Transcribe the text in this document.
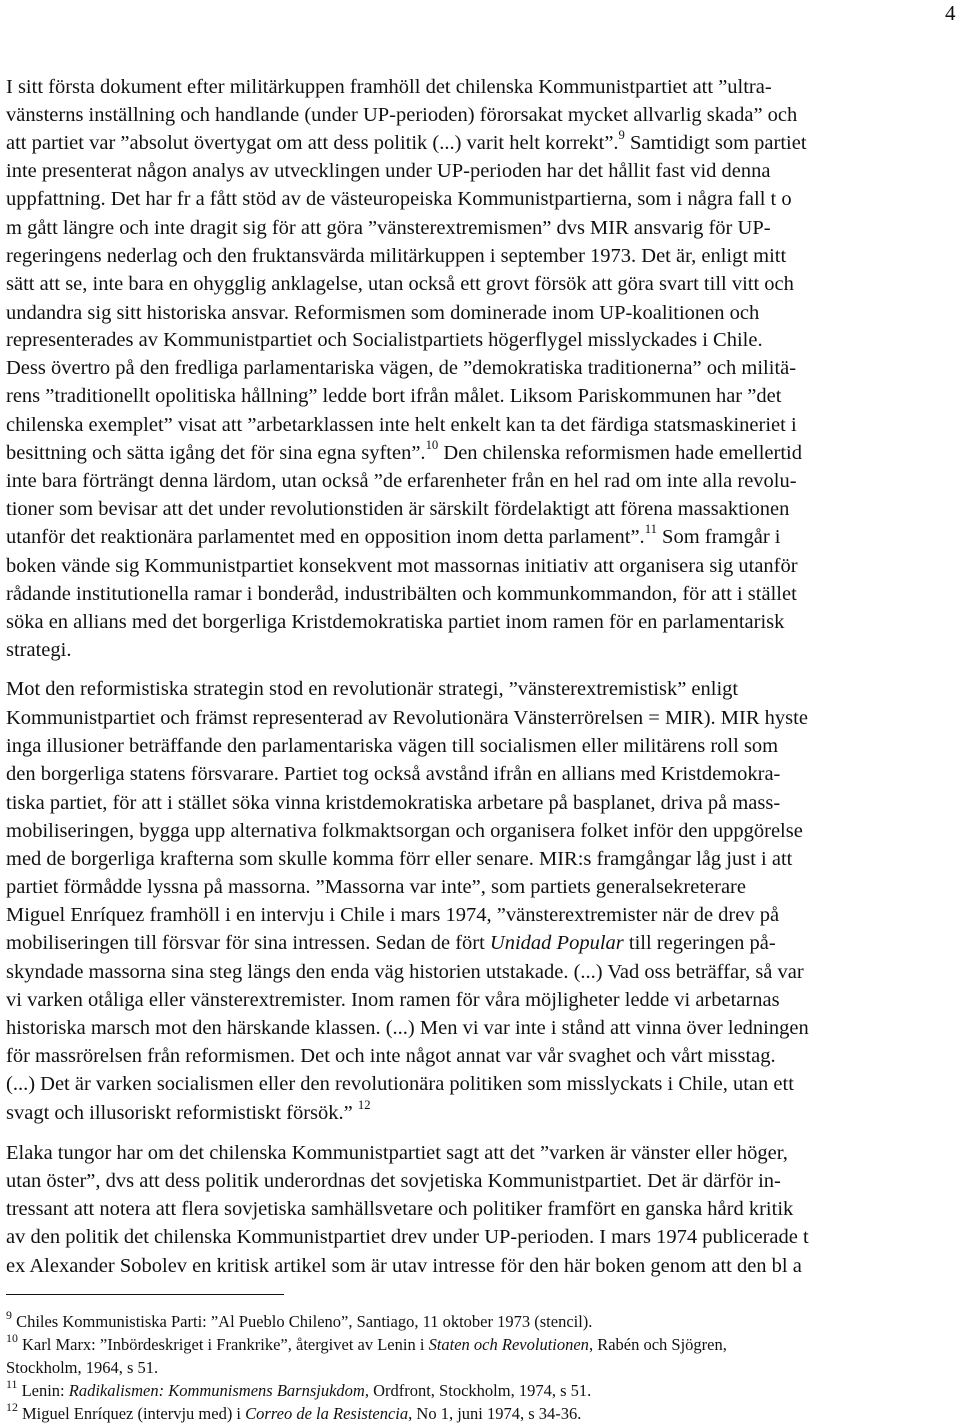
4
I sitt första dokument efter militärkuppen framhöll det chilenska Kommunistpartiet att ”ultra-
vänsterns inställning och handlande (under UP-perioden) förorsakat mycket allvarlig skada” och
att partiet var ”absolut övertygat om att dess politik (...) varit helt korrekt”.$^9$ Samtidigt som partiet
inte presenterat någon analys av utvecklingen under UP-perioden har det hållit fast vid denna
uppfattning. Det har fr a fått stöd av de västeuropeiska Kommunistpartierna, som i några fall t o
m gått längre och inte dragit sig för att göra ”vänsterextremismen” dvs MIR ansvarig för UP-
regeringens nederlag och den fruktansvärda militärkuppen i september 1973. Det är, enligt mitt
sätt att se, inte bara en ohygglig anklagelse, utan också ett grovt försök att göra svart till vitt och
undandra sig sitt historiska ansvar. Reformismen som dominerade inom UP-koalitionen och
representerades av Kommunistpartiet och Socialistpartiets högerflygel misslyckades i Chile.
Dess övertro på den fredliga parlamentariska vägen, de ”demokratiska traditionerna” och militä-
rens ”traditionellt opolitiska hållning” ledde bort ifrån målet. Liksom Pariskommunen har ”det
chilenska exemplet” visat att ”arbetarklassen inte helt enkelt kan ta det färdiga statsmaskineriet i
besittning och sätta igång det för sina egna syften”.$^{10}$ Den chilenska reformismen hade emellertid
inte bara förträngt denna lärdom, utan också ”de erfarenheter från en hel rad om inte alla revolu-
tioner som bevisar att det under revolutionstiden är särskilt fördelaktigt att förena massaktionen
utanför det reaktionära parlamentet med en opposition inom detta parlament”.$^{11}$ Som framgår i
boken vände sig Kommunistpartiet konsekvent mot massornas initiativ att organisera sig utanför
rådande institutionella ramar i bonderåd, industribälten och kommunkommandon, för att i stället
söka en allians med det borgerliga Kristdemokratiska partiet inom ramen för en parlamentarisk
strategi.
Mot den reformistiska strategin stod en revolutionär strategi, ”vänsterextremistisk” enligt
Kommunistpartiet och främst representerad av Revolutionära Vänsterrörelsen = MIR). MIR hyste
inga illusioner beträffande den parlamentariska vägen till socialismen eller militärens roll som
den borgerliga statens försvarare. Partiet tog också avstånd ifrån en allians med Kristdemokra-
tiska partiet, för att i stället söka vinna kristdemokratiska arbetare på basplanet, driva på mass-
mobiliseringen, bygga upp alternativa folkmaktsorgan och organisera folket inför den uppgörelse
med de borgerliga krafterna som skulle komma förr eller senare. MIR:s framgångar låg just i att
partiet förmådde lyssna på massorna. ”Massorna var inte”, som partiets generalsekreterare
Miguel Enríquez framhöll i en intervju i Chile i mars 1974, ”vänsterextremister när de drev på
mobiliseringen till försvar för sina intressen. Sedan de fört Unidad Popular till regeringen på-
skyndade massorna sina steg längs den enda väg historien utstakade. (...) Vad oss beträffar, så var
vi varken otåliga eller vänsterextremister. Inom ramen för våra möjligheter ledde vi arbetarnas
historiska marsch mot den härskande klassen. (...) Men vi var inte i stånd att vinna över ledningen
för massrörelsen från reformismen. Det och inte något annat var vår svaghet och vårt misstag.
(...) Det är varken socialismen eller den revolutionära politiken som misslyckats i Chile, utan ett
svagt och illusoriskt reformistiskt försök.” $^{12}$
Elaka tungor har om det chilenska Kommunistpartiet sagt att det ”varken är vänster eller höger,
utan öster”, dvs att dess politik underordnas det sovjetiska Kommunistpartiet. Det är därför in-
tressant att notera att flera sovjetiska samhällsvetare och politiker framfört en ganska hård kritik
av den politik det chilenska Kommunistpartiet drev under UP-perioden. I mars 1974 publicerade t
ex Alexander Sobolev en kritisk artikel som är utav intresse för den här boken genom att den bl a
$^9$ Chiles Kommunistiska Parti: ”Al Pueblo Chileno”, Santiago, 11 oktober 1973 (stencil).
$^{10}$ Karl Marx: ”Inbördeskriget i Frankrike”, återgivet av Lenin i Staten och Revolutionen, Rabén och Sjögren,
Stockholm, 1964, s 51.
$^{11}$ Lenin: Radikalismen: Kommunismens Barnsjukdom, Ordfront, Stockholm, 1974, s 51.
$^{12}$ Miguel Enríquez (intervju med) i Correo de la Resistencia, No 1, juni 1974, s 34-36.
